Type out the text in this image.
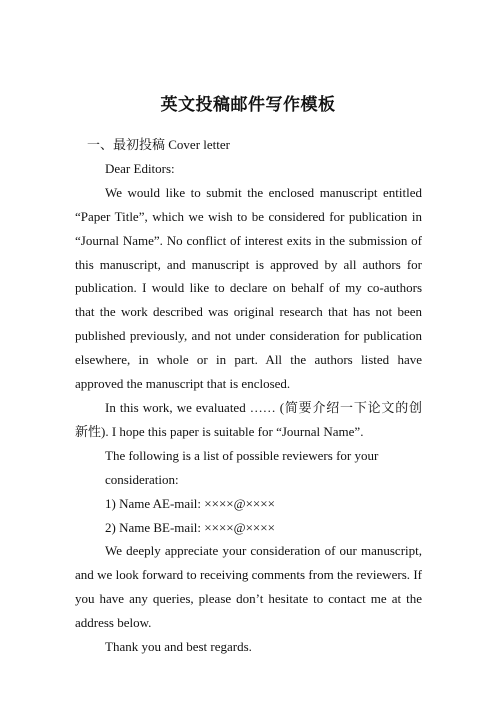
英文投稿邮件写作模板

一、最初投稿 Cover letter

Dear Editors:

We would like to submit the enclosed manuscript entitled “Paper Title”, which we wish to be considered for publication in “Journal Name”. No conflict of interest exits in the submission of this manuscript, and manuscript is approved by all authors for publication. I would like to declare on behalf of my co-authors that the work described was original research that has not been published previously, and not under consideration for publication elsewhere, in whole or in part. All the authors listed have approved the manuscript that is enclosed.

In this work, we evaluated …… (简要介绍一下论文的创新性). I hope this paper is suitable for “Journal Name”.

The following is a list of possible reviewers for your consideration:

1) Name AE-mail: ××××@××××

2) Name BE-mail: ××××@××××

We deeply appreciate your consideration of our manuscript, and we look forward to receiving comments from the reviewers. If you have any queries, please don’t hesitate to contact me at the address below.

Thank you and best regards.
